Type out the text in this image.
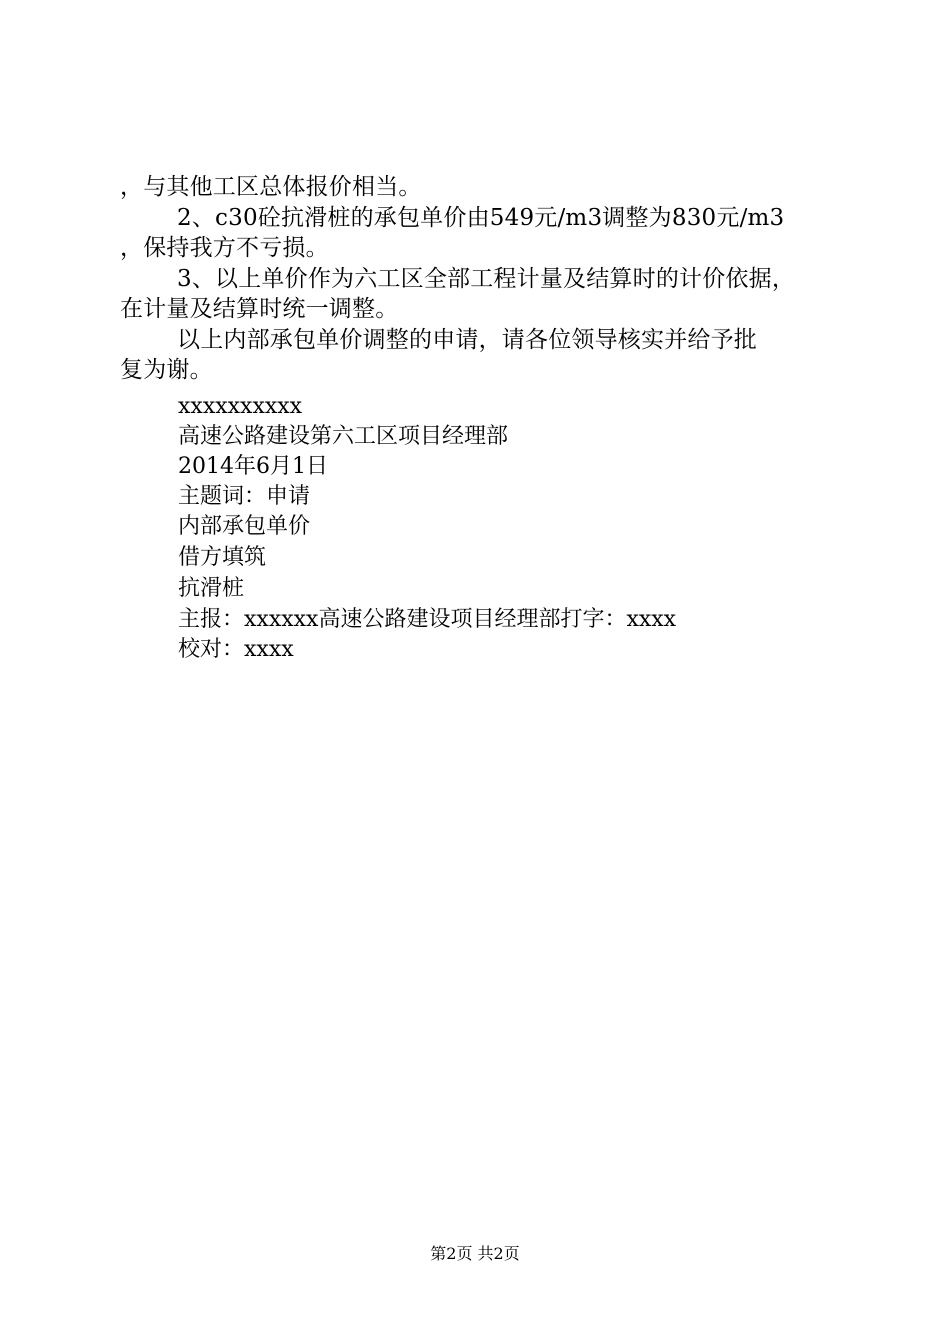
，与其他工区总体报价相当。
2、c30砼抗滑桩的承包单价由549元/m3调整为830元/m3
，保持我方不亏损。
3、以上单价作为六工区全部工程计量及结算时的计价依据，
在计量及结算时统一调整。
以上内部承包单价调整的申请，请各位领导核实并给予批
复为谢。
xxxxxxxxxx
高速公路建设第六工区项目经理部
2014年6月1日
主题词：申请
内部承包单价
借方填筑
抗滑桩
主报：xxxxxx高速公路建设项目经理部打字：xxxx
校对：xxxx
第2页 共2页
